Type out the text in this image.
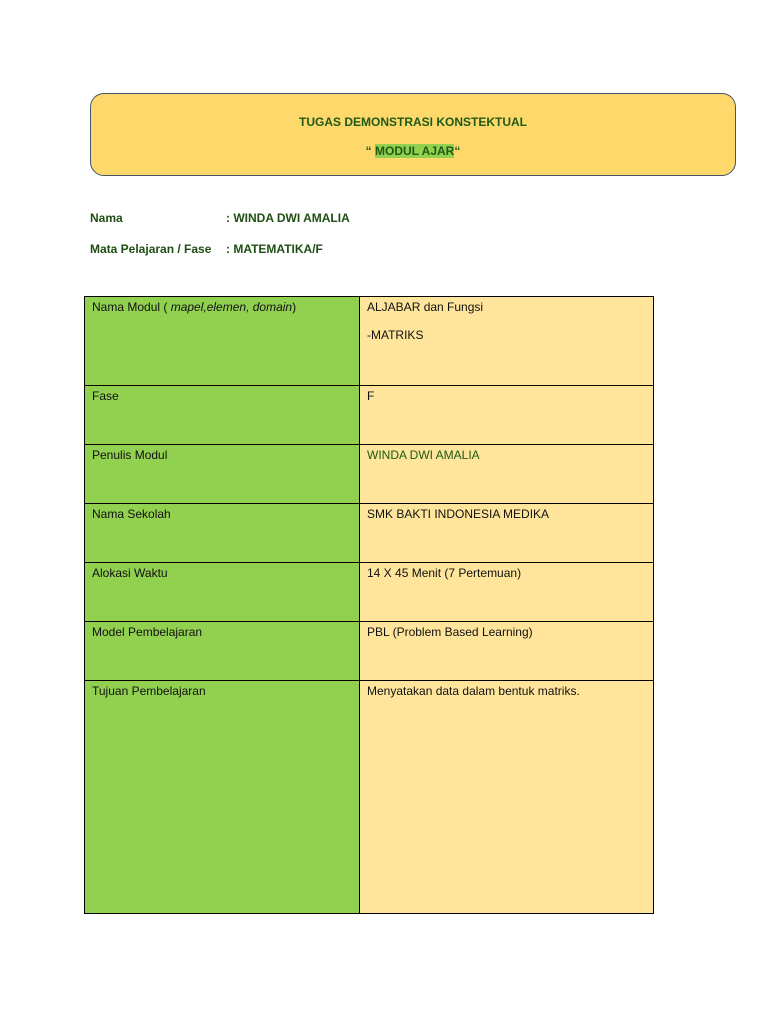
TUGAS DEMONSTRASI KONSTEKTUAL
“ MODUL AJAR“
Nama	: WINDA DWI AMALIA
Mata Pelajaran / Fase : MATEMATIKA/F
Nama Modul ( mapel,elemen, domain)	ALJABAR dan Fungsi
-MATRIKS

Fase	F
Penulis Modul	WINDA DWI AMALIA
Nama Sekolah	SMK BAKTI INDONESIA MEDIKA
Alokasi Waktu	14 X 45 Menit (7 Pertemuan)
Model Pembelajaran	PBL (Problem Based Learning)
Tujuan Pembelajaran	Menyatakan data dalam bentuk matriks.
